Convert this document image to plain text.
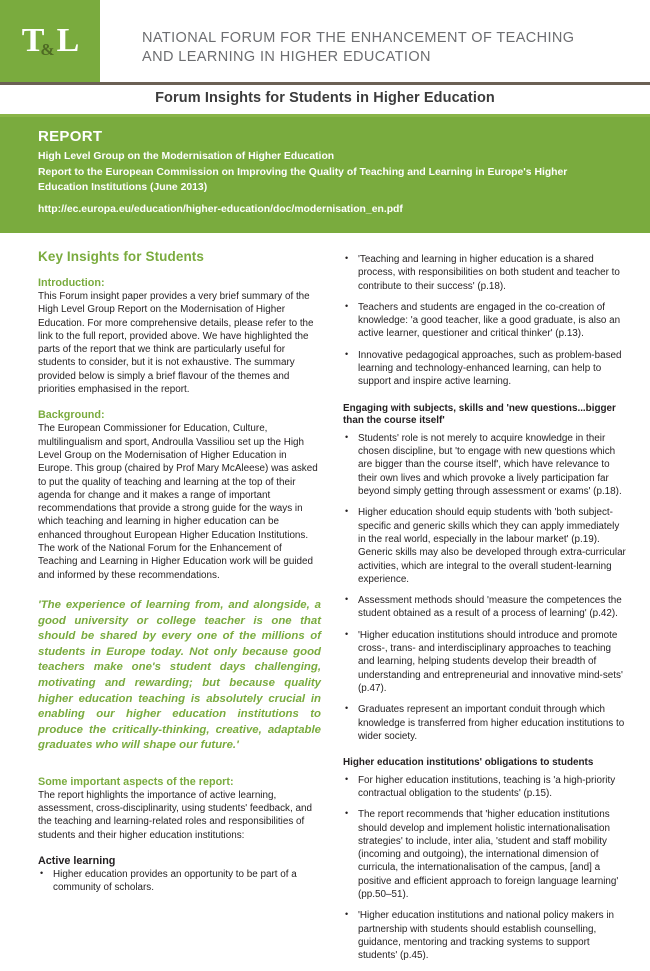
T&L	NATIONAL FORUM FOR THE ENHANCEMENT OF TEACHING
AND LEARNING IN HIGHER EDUCATION
Forum Insights for Students in Higher Education
REPORT
High Level Group on the Modernisation of Higher Education
Report to the European Commission on Improving the Quality of Teaching and Learning in Europe's Higher
Education Institutions (June 2013)
http://ec.europa.eu/education/higher-education/doc/modernisation_en.pdf
Key Insights for Students
Introduction:

This Forum insight paper provides a very brief summary of the High Level Group Report on the Modernisation of Higher Education. For more comprehensive details, please refer to the link to the full report, provided above. We have highlighted the parts of the report that we think are particularly useful for students to consider, but it is not exhaustive. The summary provided below is simply a brief flavour of the themes and priorities emphasised in the report.

Background:

The European Commissioner for Education, Culture, multilingualism and sport, Androulla Vassiliou set up the High Level Group on the Modernisation of Higher Education in Europe. This group (chaired by Prof Mary McAleese) was asked to put the quality of teaching and learning at the top of their agenda for change and it makes a range of important recommendations that provide a strong guide for the ways in which teaching and learning in higher education can be enhanced throughout European Higher Education Institutions. The work of the National Forum for the Enhancement of Teaching and Learning in Higher Education work will be guided and informed by these recommendations.

'The experience of learning from, and alongside, a good university or college teacher is one that should be shared by every one of the millions of students in Europe today. Not only because good teachers make one's student days challenging, motivating and rewarding; but because quality higher education teaching is absolutely crucial in enabling our higher education institutions to produce the critically-thinking, creative, adaptable graduates who will shape our future.'
Some important aspects of the report:

The report highlights the importance of active learning, assessment, cross-disciplinarity, using students' feedback, and the teaching and learning-related roles and responsibilities of students and their higher education institutions:

Active learning
• Higher education provides an opportunity to be part of a community of scholars.
• 'Teaching and learning in higher education is a shared process, with responsibilities on both student and teacher to contribute to their success' (p.18).
• Teachers and students are engaged in the co-creation of knowledge: 'a good teacher, like a good graduate, is also an active learner, questioner and critical thinker' (p.13).
• Innovative pedagogical approaches, such as problem-based learning and technology-enhanced learning, can help to support and inspire active learning.
Engaging with subjects, skills and 'new questions...bigger than the course itself'
• Students' role is not merely to acquire knowledge in their chosen discipline, but 'to engage with new questions which are bigger than the course itself', which have relevance to their own lives and which provoke a lively participation far beyond simply getting through assessment or exams' (p.18).
• Higher education should equip students with 'both subject-specific and generic skills which they can apply immediately in the real world, especially in the labour market' (p.19). Generic skills may also be developed through extra-curricular activities, which are integral to the overall student-learning experience.
• Assessment methods should 'measure the competences the student obtained as a result of a process of learning' (p.42).
• 'Higher education institutions should introduce and promote cross-, trans- and interdisciplinary approaches to teaching and learning, helping students develop their breadth of understanding and entrepreneurial and innovative mind-sets' (p.47).
• Graduates represent an important conduit through which knowledge is transferred from higher education institutions to wider society.
Higher education institutions' obligations to students
• For higher education institutions, teaching is 'a high-priority contractual obligation to the students' (p.15).
• The report recommends that 'higher education institutions should develop and implement holistic internationalisation strategies' to include, inter alia, 'student and staff mobility (incoming and outgoing), the international dimension of curricula, the internationalisation of the campus, [and] a positive and efficient approach to foreign language learning' (pp.50–51).
• 'Higher education institutions and national policy makers in partnership with students should establish counselling, guidance, mentoring and tracking systems to support students' (p.45).
